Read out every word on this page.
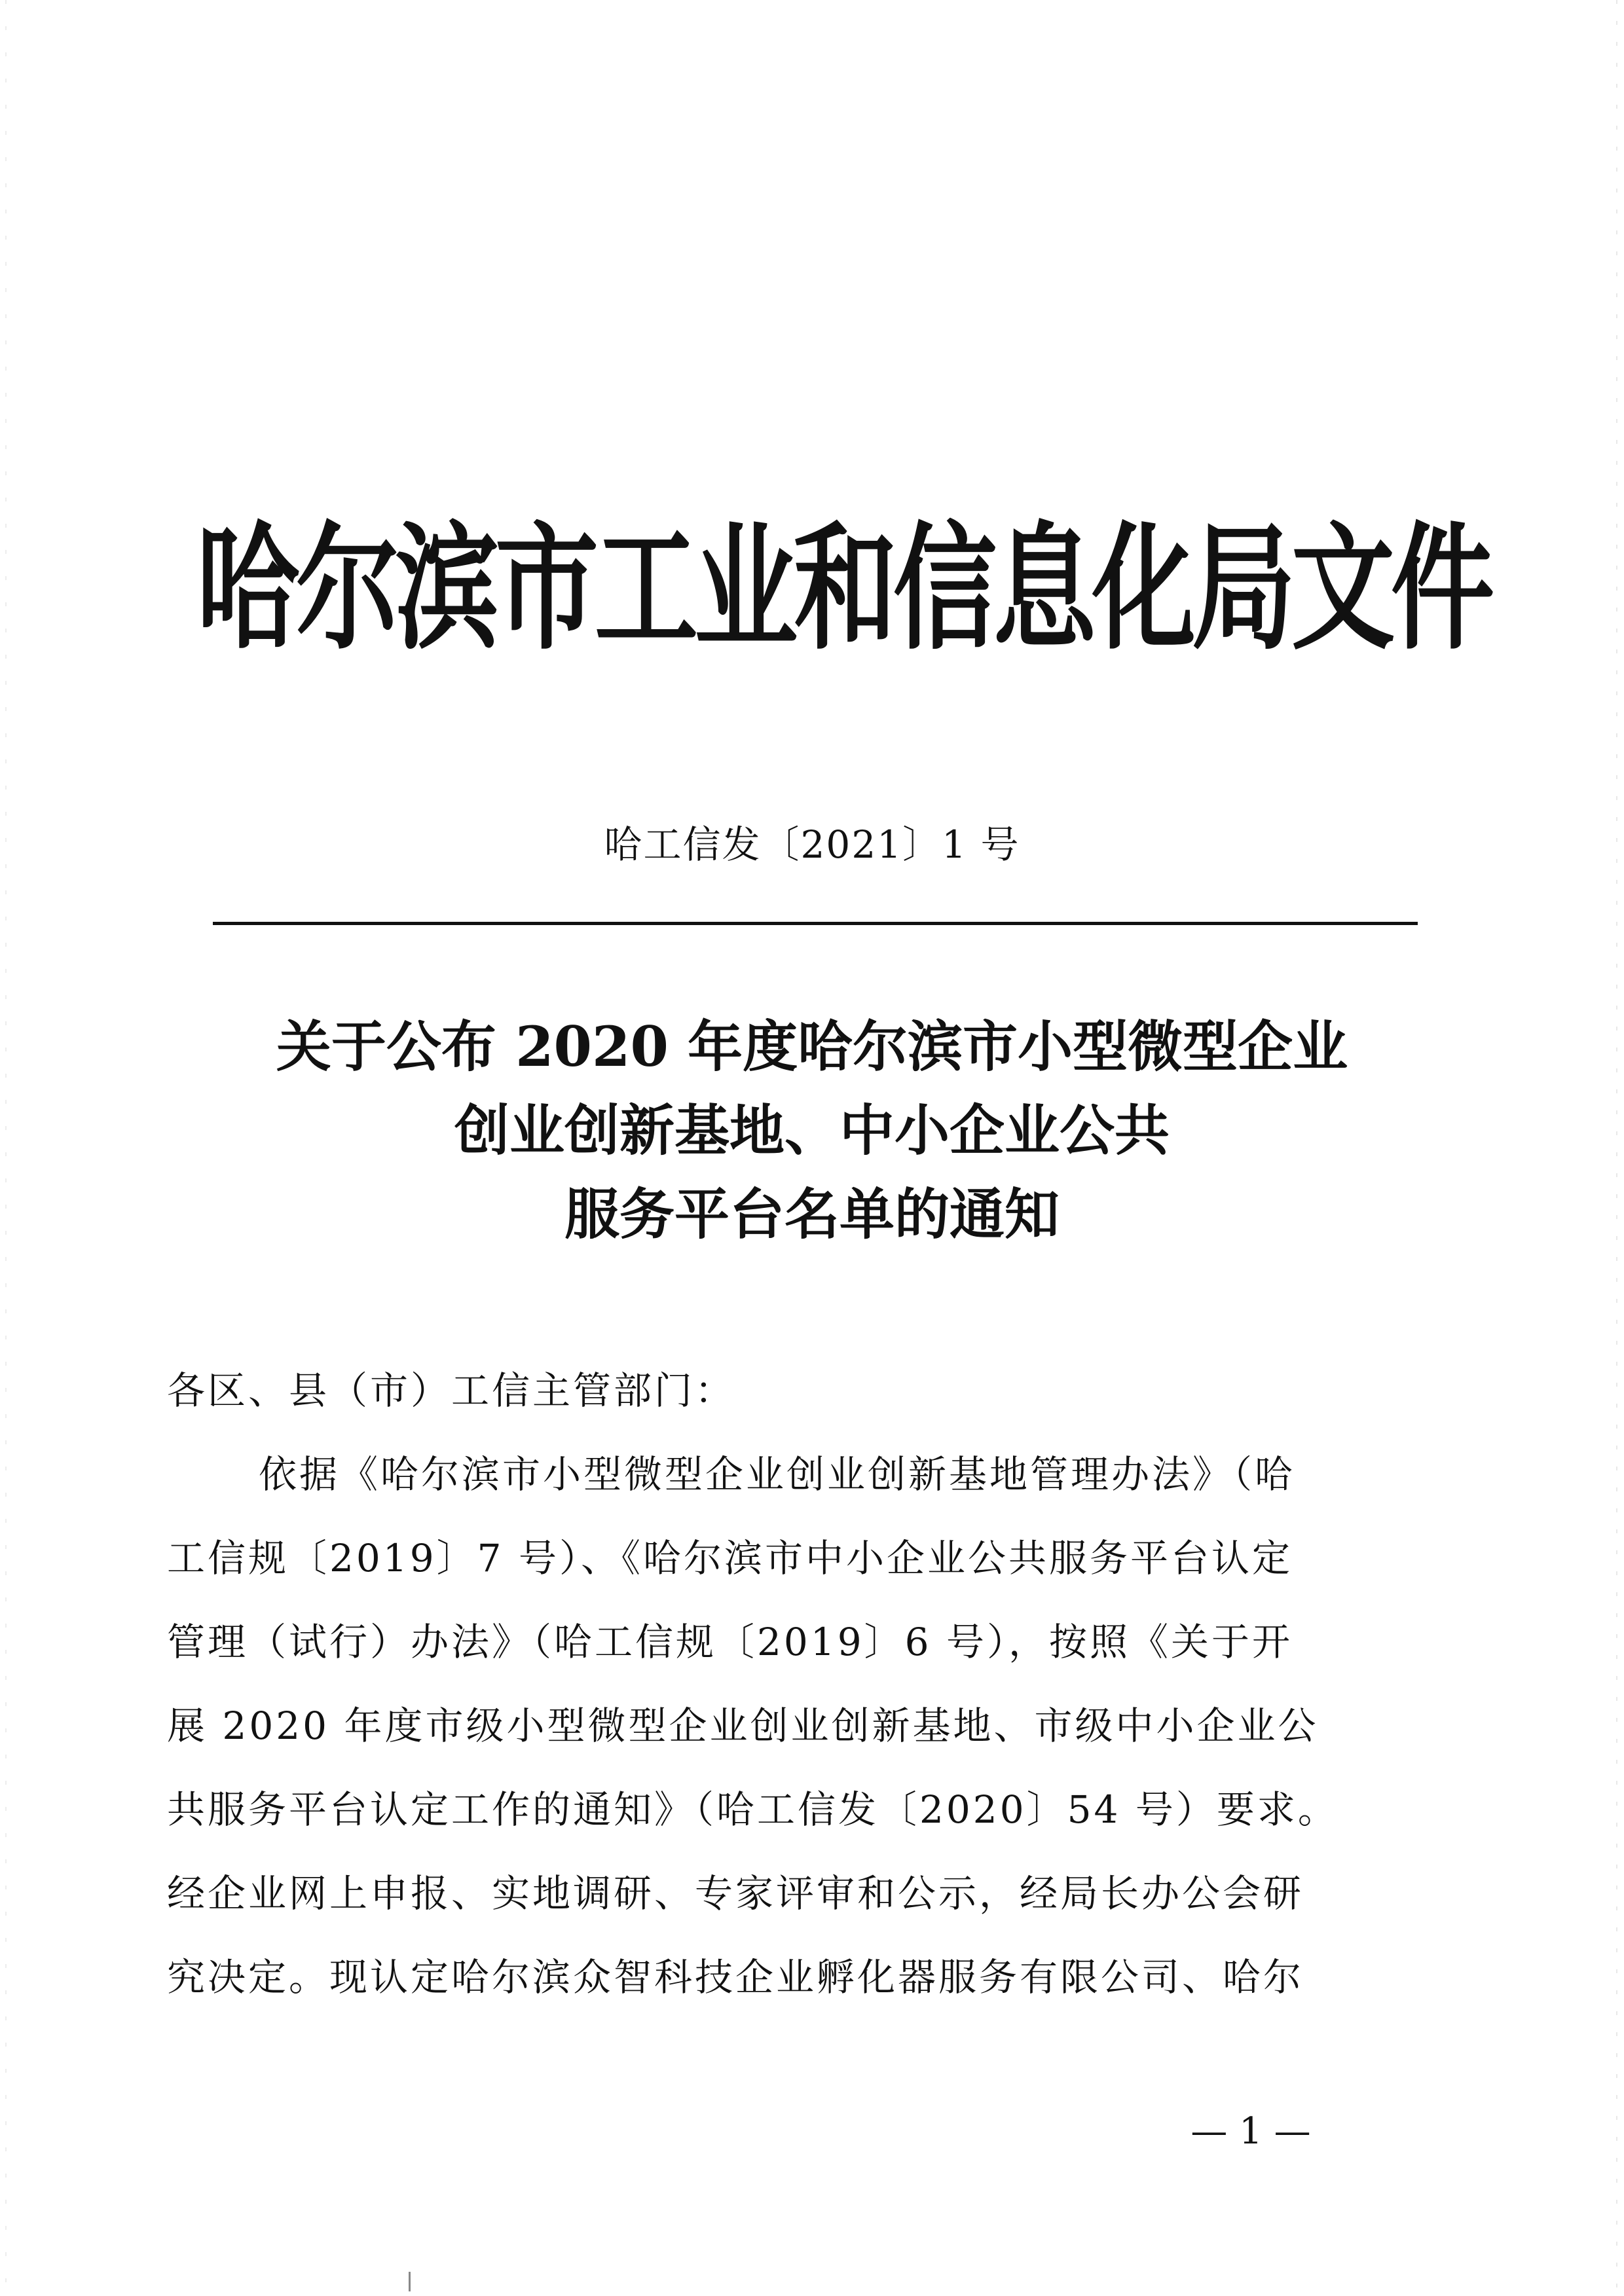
哈尔滨市工业和信息化局文件
哈工信发〔2021〕1 号
关于公布 2020 年度哈尔滨市小型微型企业
创业创新基地、中小企业公共
服务平台名单的通知
各区、县（市）工信主管部门：
依据《哈尔滨市小型微型企业创业创新基地管理办法》（哈
工信规〔2019〕7 号）、《哈尔滨市中小企业公共服务平台认定
管理（试行）办法》（哈工信规〔2019〕6 号），按照《关于开
展 2020 年度市级小型微型企业创业创新基地、市级中小企业公
共服务平台认定工作的通知》（哈工信发〔2020〕54 号）要求。
经企业网上申报、实地调研、专家评审和公示，经局长办公会研
究决定。现认定哈尔滨众智科技企业孵化器服务有限公司、哈尔
— 1 —
